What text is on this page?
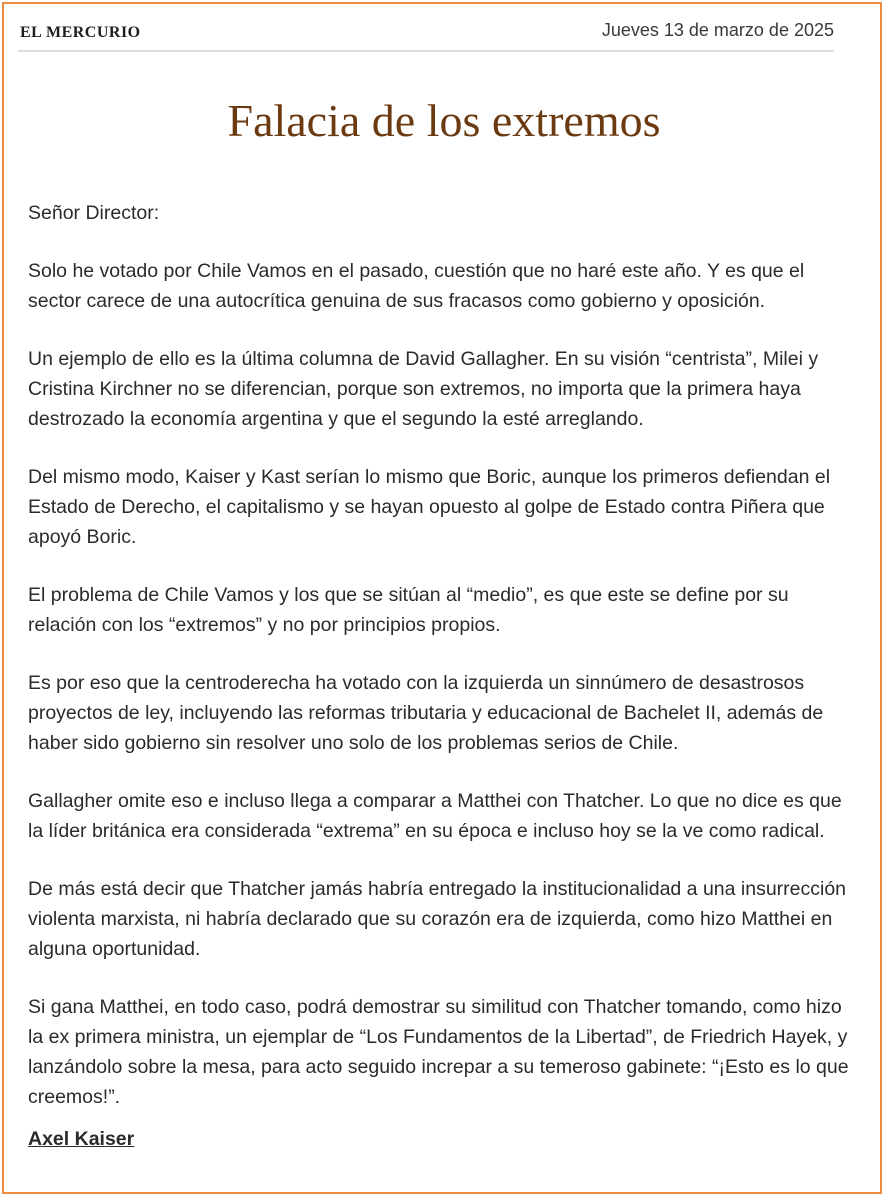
EL MERCURIO	Jueves 13 de marzo de 2025
Falacia de los extremos

Señor Director:

Solo he votado por Chile Vamos en el pasado, cuestión que no haré este año. Y es que el sector carece de una autocrítica genuina de sus fracasos como gobierno y oposición.

Un ejemplo de ello es la última columna de David Gallagher. En su visión “centrista”, Milei y Cristina Kirchner no se diferencian, porque son extremos, no importa que la primera haya destrozado la economía argentina y que el segundo la esté arreglando.

Del mismo modo, Kaiser y Kast serían lo mismo que Boric, aunque los primeros defiendan el Estado de Derecho, el capitalismo y se hayan opuesto al golpe de Estado contra Piñera que apoyó Boric.

El problema de Chile Vamos y los que se sitúan al “medio”, es que este se define por su relación con los “extremos” y no por principios propios.

Es por eso que la centroderecha ha votado con la izquierda un sinnúmero de desastrosos proyectos de ley, incluyendo las reformas tributaria y educacional de Bachelet II, además de haber sido gobierno sin resolver uno solo de los problemas serios de Chile.

Gallagher omite eso e incluso llega a comparar a Matthei con Thatcher. Lo que no dice es que la líder británica era considerada “extrema” en su época e incluso hoy se la ve como radical.

De más está decir que Thatcher jamás habría entregado la institucionalidad a una insurrección violenta marxista, ni habría declarado que su corazón era de izquierda, como hizo Matthei en alguna oportunidad.

Si gana Matthei, en todo caso, podrá demostrar su similitud con Thatcher tomando, como hizo la ex primera ministra, un ejemplar de “Los Fundamentos de la Libertad”, de Friedrich Hayek, y lanzándolo sobre la mesa, para acto seguido increpar a su temeroso gabinete: “¡Esto es lo que creemos!”.

Axel Kaiser
